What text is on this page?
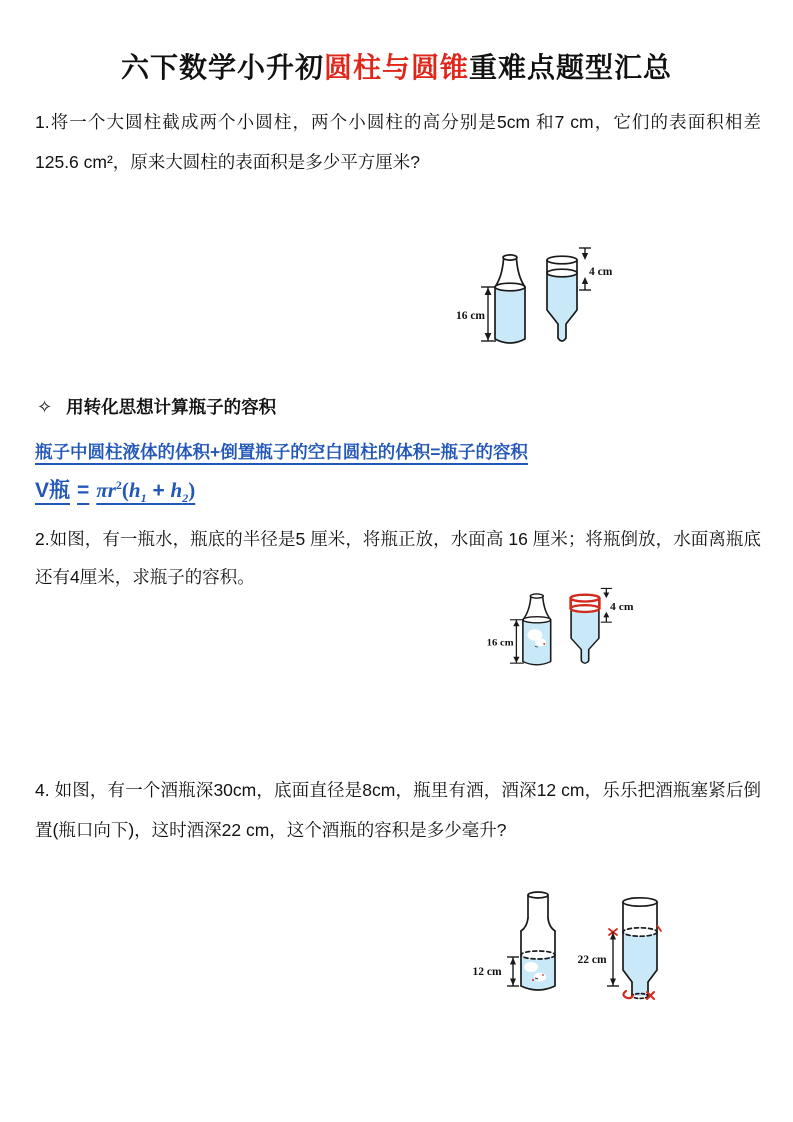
六下数学小升初圆柱与圆锥重难点题型汇总

1.将一个大圆柱截成两个小圆柱，两个小圆柱的高分别是5cm 和7 cm，它们的表面积相差125.6 cm²，原来大圆柱的表面积是多少平方厘米?

16 cm
4 cm
✧ 用转化思想计算瓶子的容积

瓶子中圆柱液体的体积+倒置瓶子的空白圆柱的体积=瓶子的容积

V瓶 = $\pi r^2(h_1 + h_2)$

2.如图，有一瓶水，瓶底的半径是5 厘米，将瓶正放，水面高 16 厘米；将瓶倒放，水面离瓶底还有4厘米，求瓶子的容积。

16 cm
4 cm

4. 如图，有一个酒瓶深30cm，底面直径是8cm，瓶里有酒，酒深12 cm，乐乐把酒瓶塞紧后倒置(瓶口向下)，这时酒深22 cm，这个酒瓶的容积是多少毫升?

12 cm
22 cm
